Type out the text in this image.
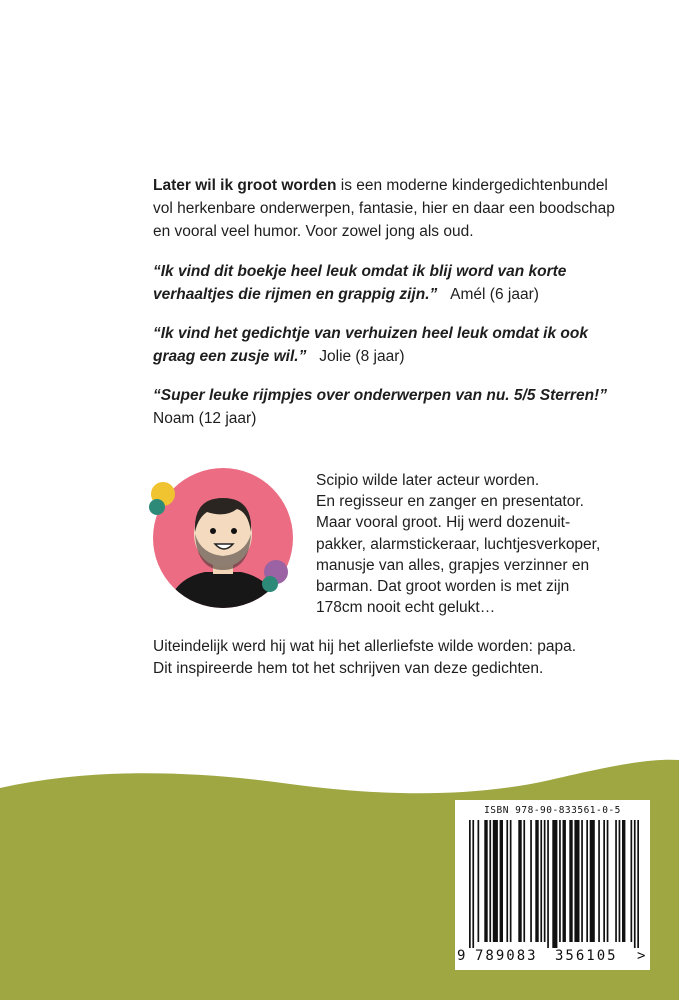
Later wil ik groot worden is een moderne kindergedichtenbundel
vol herkenbare onderwerpen, fantasie, hier en daar een boodschap
en vooral veel humor. Voor zowel jong als oud.
“Ik vind dit boekje heel leuk omdat ik blij word van korte
verhaaltjes die rijmen en grappig zijn.” Amél (6 jaar)
“Ik vind het gedichtje van verhuizen heel leuk omdat ik ook
graag een zusje wil.” Jolie (8 jaar)
“Super leuke rijmpjes over onderwerpen van nu. 5/5 Sterren!”
Noam (12 jaar)
Scipio wilde later acteur worden.
En regisseur en zanger en presentator.
Maar vooral groot. Hij werd dozenuit-
pakker, alarmstickeraar, luchtjesverkoper,
manusje van alles, grapjes verzinner en
barman. Dat groot worden is met zijn
178cm nooit echt gelukt…
Uiteindelijk werd hij wat hij het allerliefste wilde worden: papa.
Dit inspireerde hem tot het schrijven van deze gedichten.
ISBN 978-90-833561-0-5
9 789083 356105 >
